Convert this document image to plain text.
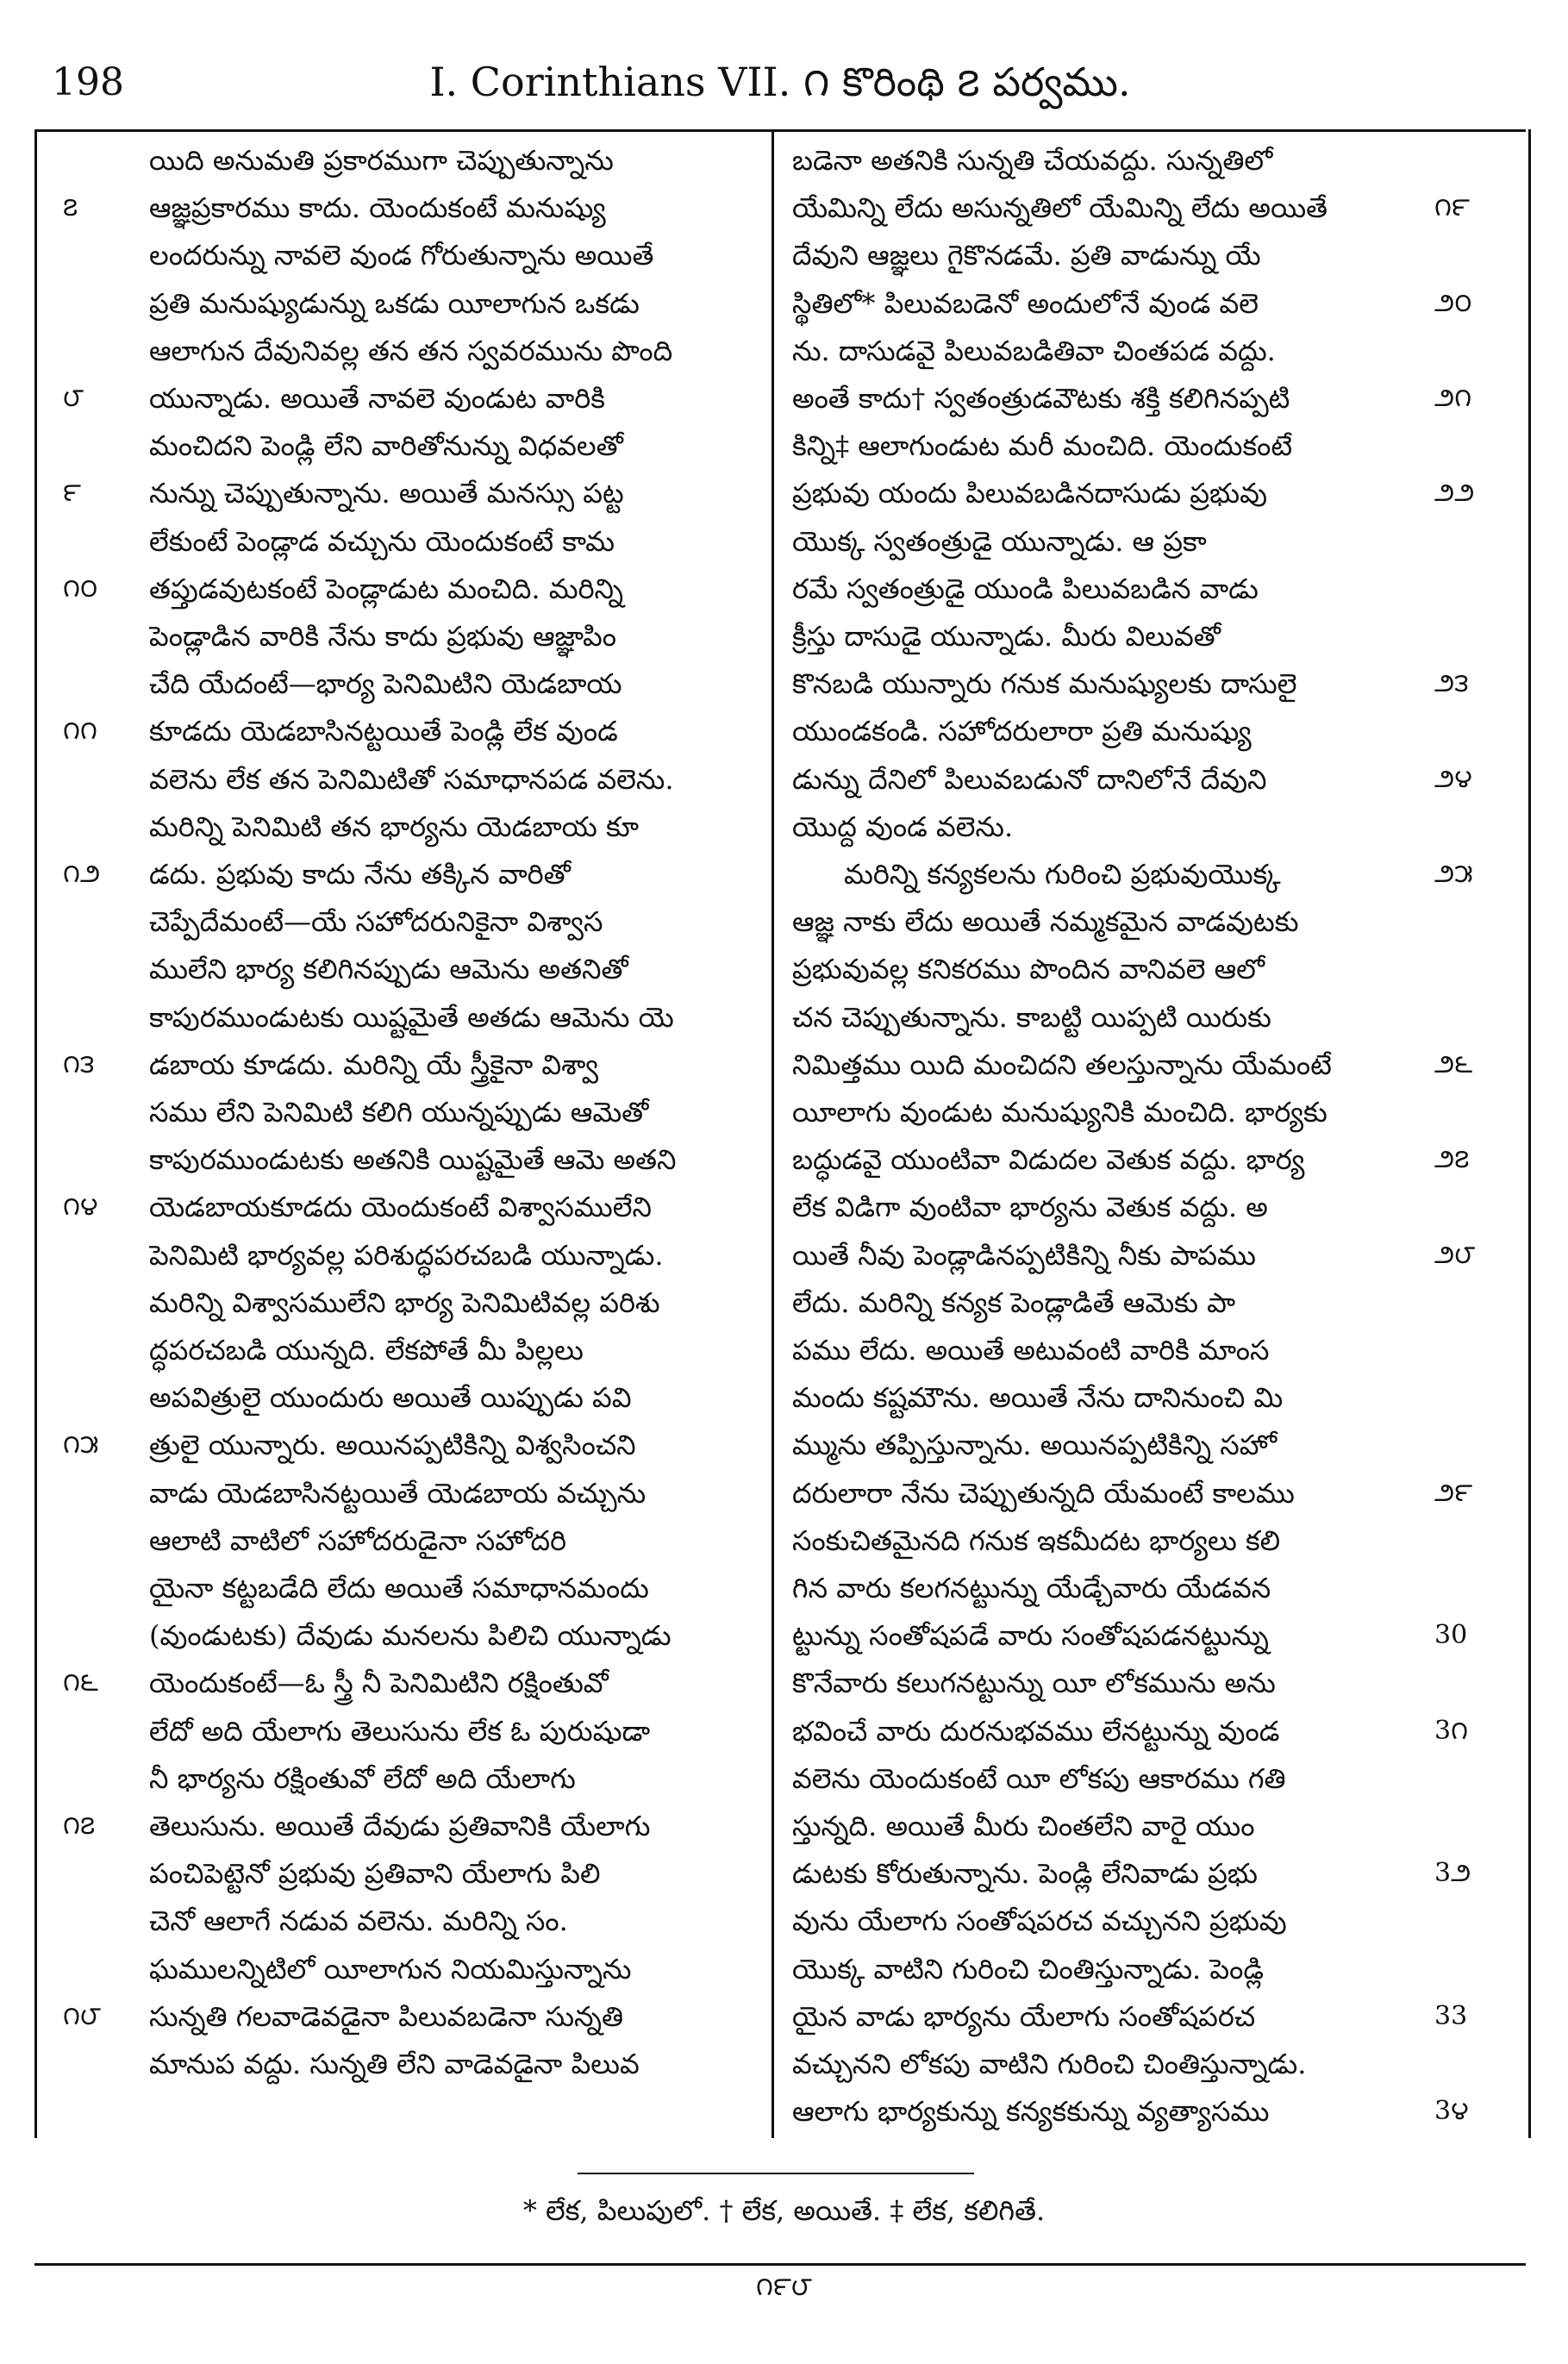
198	I. Corinthians VII. ౧ కొరింథి ౭ పర్వము.
యిది అనుమతి ప్రకారముగా చెప్పుతున్నాను
౭	ఆజ్ఞప్రకారము కాదు. యెందుకంటే మనుష్యు
లందరున్ను నావలె వుండ గోరుతున్నాను అయితే
ప్రతి మనుష్యుడున్ను ఒకడు యీలాగున ఒకడు
ఆలాగున దేవునివల్ల తన తన స్వవరమును పొంది
౮	యున్నాడు. అయితే నావలె వుండుట వారికి
మంచిదని పెండ్లి లేని వారితోనున్ను విధవలతో
౯	నున్ను చెప్పుతున్నాను. అయితే మనస్సు పట్ట
లేకుంటే పెండ్లాడ వచ్చును యెందుకంటే కామ
౧౦	తప్తుడవుటకంటే పెండ్లాడుట మంచిది. మరిన్ని
పెండ్లాడిన వారికి నేను కాదు ప్రభువు ఆజ్ఞాపిం
చేది యేదంటే—భార్య పెనిమిటిని యెడబాయ
౧౧	కూడదు యెడబాసినట్టయితే పెండ్లి లేక వుండ
వలెను లేక తన పెనిమిటితో సమాధానపడ వలెను.
మరిన్ని పెనిమిటి తన భార్యను యెడబాయ కూ
౧౨	డదు. ప్రభువు కాదు నేను తక్కిన వారితో
చెప్పేదేమంటే—యే సహోదరునికైనా విశ్వాస
ములేని భార్య కలిగినప్పుడు ఆమెను అతనితో
కాపురముండుటకు యిష్టమైతే అతడు ఆమెను యె
౧౩	డబాయ కూడదు. మరిన్ని యే స్త్రీకైనా విశ్వా
సము లేని పెనిమిటి కలిగి యున్నప్పుడు ఆమెతో
కాపురముండుటకు అతనికి యిష్టమైతే ఆమె అతని
౧౪	యెడబాయకూడదు యెందుకంటే విశ్వాసములేని
పెనిమిటి భార్యవల్ల పరిశుద్ధపరచబడి యున్నాడు.
మరిన్ని విశ్వాసములేని భార్య పెనిమిటివల్ల పరిశు
ద్ధపరచబడి యున్నది. లేకపోతే మీ పిల్లలు
అపవిత్రులై యుందురు అయితే యిప్పుడు పవి
౧౫	త్రులై యున్నారు. అయినప్పటికిన్ని విశ్వసించని
వాడు యెడబాసినట్టయితే యెడబాయ వచ్చును
ఆలాటి వాటిలో సహోదరుడైనా సహోదరి
యైనా కట్టబడేది లేదు అయితే సమాధానమందు
(వుండుటకు) దేవుడు మనలను పిలిచి యున్నాడు
౧౬	యెందుకంటే—ఓ స్త్రీ నీ పెనిమిటిని రక్షింతువో
లేదో అది యేలాగు తెలుసును లేక ఓ పురుషుడా
నీ భార్యను రక్షింతువో లేదో అది యేలాగు
౧౭	తెలుసును. అయితే దేవుడు ప్రతివానికి యేలాగు
పంచిపెట్టెనో ప్రభువు ప్రతివాని యేలాగు పిలి
చెనో ఆలాగే నడువ వలెను. మరిన్ని సం.
ఘములన్నిటిలో యీలాగున నియమిస్తున్నాను
౧౮	సున్నతి గలవాడెవడైనా పిలువబడెనా సున్నతి
మానుప వద్దు. సున్నతి లేని వాడెవడైనా పిలువ
బడెనా అతనికి సున్నతి చేయవద్దు. సున్నతిలో
౧౯
యేమిన్ని లేదు అసున్నతిలో యేమిన్ని లేదు అయితే
దేవుని ఆజ్ఞలు గైకొనడమే. ప్రతి వాడున్ను యే
౨౦
స్థితిలో* పిలువబడెనో అందులోనే వుండ వలె
ను. దాసుడవై పిలువబడితివా చింతపడ వద్దు.
౨౧
అంతే కాదు† స్వతంత్రుడవౌటకు శక్తి కలిగినప్పటి
కిన్ని‡ ఆలాగుండుట మరీ మంచిది. యెందుకంటే
౨౨
ప్రభువు యందు పిలువబడినదాసుడు ప్రభువు
యొక్క స్వతంత్రుడై యున్నాడు. ఆ ప్రకా
రమే స్వతంత్రుడై యుండి పిలువబడిన వాడు
క్రీస్తు దాసుడై యున్నాడు. మీరు విలువతో
౨౩
కొనబడి యున్నారు గనుక మనుష్యులకు దాసులై
యుండకండి. సహోదరులారా ప్రతి మనుష్యు
౨౪
డున్ను దేనిలో పిలువబడునో దానిలోనే దేవుని
యొద్ద వుండ వలెను.
౨౫
మరిన్ని కన్యకలను గురించి ప్రభువుయొక్క
ఆజ్ఞ నాకు లేదు అయితే నమ్మకమైన వాడవుటకు
ప్రభువువల్ల కనికరము పొందిన వానివలె ఆలో
చన చెప్పుతున్నాను. కాబట్టి యిప్పటి యిరుకు
౨౬
నిమిత్తము యిది మంచిదని తలస్తున్నాను యేమంటే
యీలాగు వుండుట మనుష్యునికి మంచిది. భార్యకు
౨౭
బద్ధుడవై యుంటివా విడుదల వెతుక వద్దు. భార్య
లేక విడిగా వుంటివా భార్యను వెతుక వద్దు. అ
౨౮
యితే నీవు పెండ్లాడినప్పటికిన్ని నీకు పాపము
లేదు. మరిన్ని కన్యక పెండ్లాడితే ఆమెకు పా
పము లేదు. అయితే అటువంటి వారికి మాంస
మందు కష్టమౌను. అయితే నేను దానినుంచి మి
మ్మును తప్పిస్తున్నాను. అయినప్పటికిన్ని సహో
౨౯
దరులారా నేను చెప్పుతున్నది యేమంటే కాలము
సంకుచితమైనది గనుక ఇకమీదట భార్యలు కలి
గిన వారు కలగనట్టున్ను యేడ్చేవారు యేడవన
30
ట్టున్ను సంతోషపడే వారు సంతోషపడనట్టున్ను
కొనేవారు కలుగనట్టున్ను యీ లోకమును అను
3౧
భవించే వారు దురనుభవము లేనట్టున్ను వుండ
వలెను యెందుకంటే యీ లోకపు ఆకారము గతి
స్తున్నది. అయితే మీరు చింతలేని వారై యుం
3౨
డుటకు కోరుతున్నాను. పెండ్లి లేనివాడు ప్రభు
వును యేలాగు సంతోషపరచ వచ్చునని ప్రభువు
యొక్క వాటిని గురించి చింతిస్తున్నాడు. పెండ్లి
33
యైన వాడు భార్యను యేలాగు సంతోషపరచ
వచ్చునని లోకపు వాటిని గురించి చింతిస్తున్నాడు.
3౪
ఆలాగు భార్యకున్ను కన్యకకున్ను వ్యత్యాసము
* లేక, పిలుపులో. † లేక, అయితే. ‡ లేక, కలిగితే.
౧౯౮
